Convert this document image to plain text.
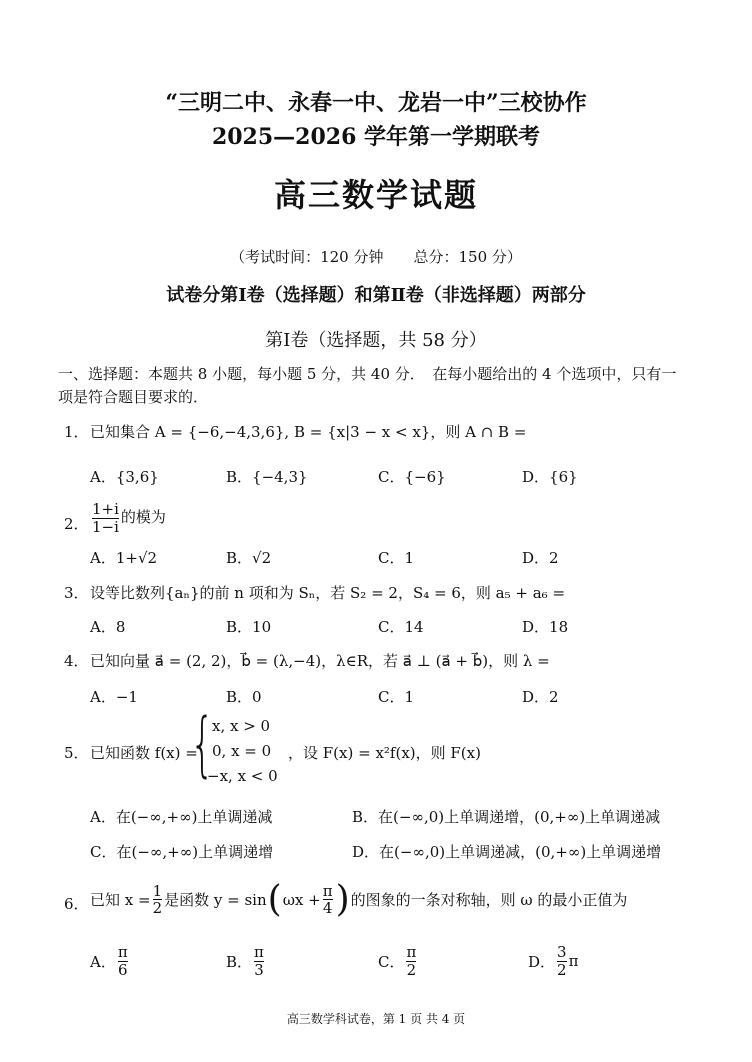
“三明二中、永春一中、龙岩一中”三校协作
2025—2026 学年第一学期联考
高三数学试题
（考试时间：120 分钟　　总分：150 分）
试卷分第Ⅰ卷（选择题）和第Ⅱ卷（非选择题）两部分
第Ⅰ卷（选择题，共 58 分）
一、选择题：本题共 8 小题，每小题 5 分，共 40 分．　在每小题给出的 4 个选项中，只有一
项是符合题目要求的．
1． 已知集合 A = {−6,−4,3,6}, B = {x|3 − x < x}，则 A ∩ B =
A．{3,6}	B．{−4,3}	C．{−6}	D．{6}
2． $\frac{1+i}{1-i}$ 的模为
A．1+√2	B．√2	C．1	D．2
3． 设等比数列{aₙ}的前 n 项和为 Sₙ，若 S₂ = 2，S₄ = 6，则 a₅ + a₆ =
A．8	B．10	C．14	D．18
4． 已知向量 a⃗ = (2, 2)，b⃗ = (λ,−4)，λ∈R，若 a⃗ ⊥ (a⃗ + b⃗)，则 λ =
A．−1	B．0	C．1	D．2
5． 已知函数 f(x) =
{
x, x > 0
0, x = 0
−x, x < 0
，设 F(x) = x²f(x)，则 F(x)
A．在(−∞,+∞)上单调递减	B．在(−∞,0)上单调递增，(0,+∞)上单调递减
C．在(−∞,+∞)上单调递增	D．在(−∞,0)上单调递减，(0,+∞)上单调递增
6． 已知 $x = \frac{1}{2}$ 是函数 y = sin ( $\omega x + \frac{\pi}{4}$ ) 的图象的一条对称轴，则 ω 的最小正值为
A． $\frac{\pi}{6}$	B． $\frac{\pi}{3}$	C． $\frac{\pi}{2}$	D． $\frac{3}{2}$ π
高三数学科试卷，第 1 页 共 4 页
